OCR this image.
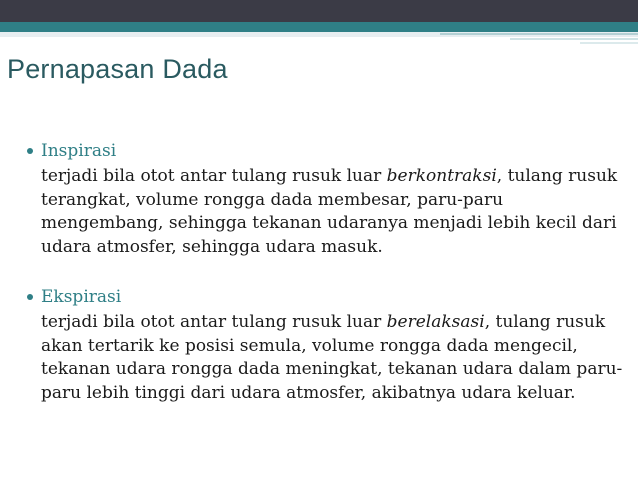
Pernapasan Dada
Inspirasi
terjadi bila otot antar tulang rusuk luar berkontraksi, tulang rusuk terangkat, volume rongga dada membesar, paru-paru mengembang, sehingga tekanan udaranya menjadi lebih kecil dari udara atmosfer, sehingga udara masuk.
Ekspirasi
terjadi bila otot antar tulang rusuk luar berelaksasi, tulang rusuk akan tertarik ke posisi semula, volume rongga dada mengecil, tekanan udara rongga dada meningkat, tekanan udara dalam paru-paru lebih tinggi dari udara atmosfer, akibatnya udara keluar.
